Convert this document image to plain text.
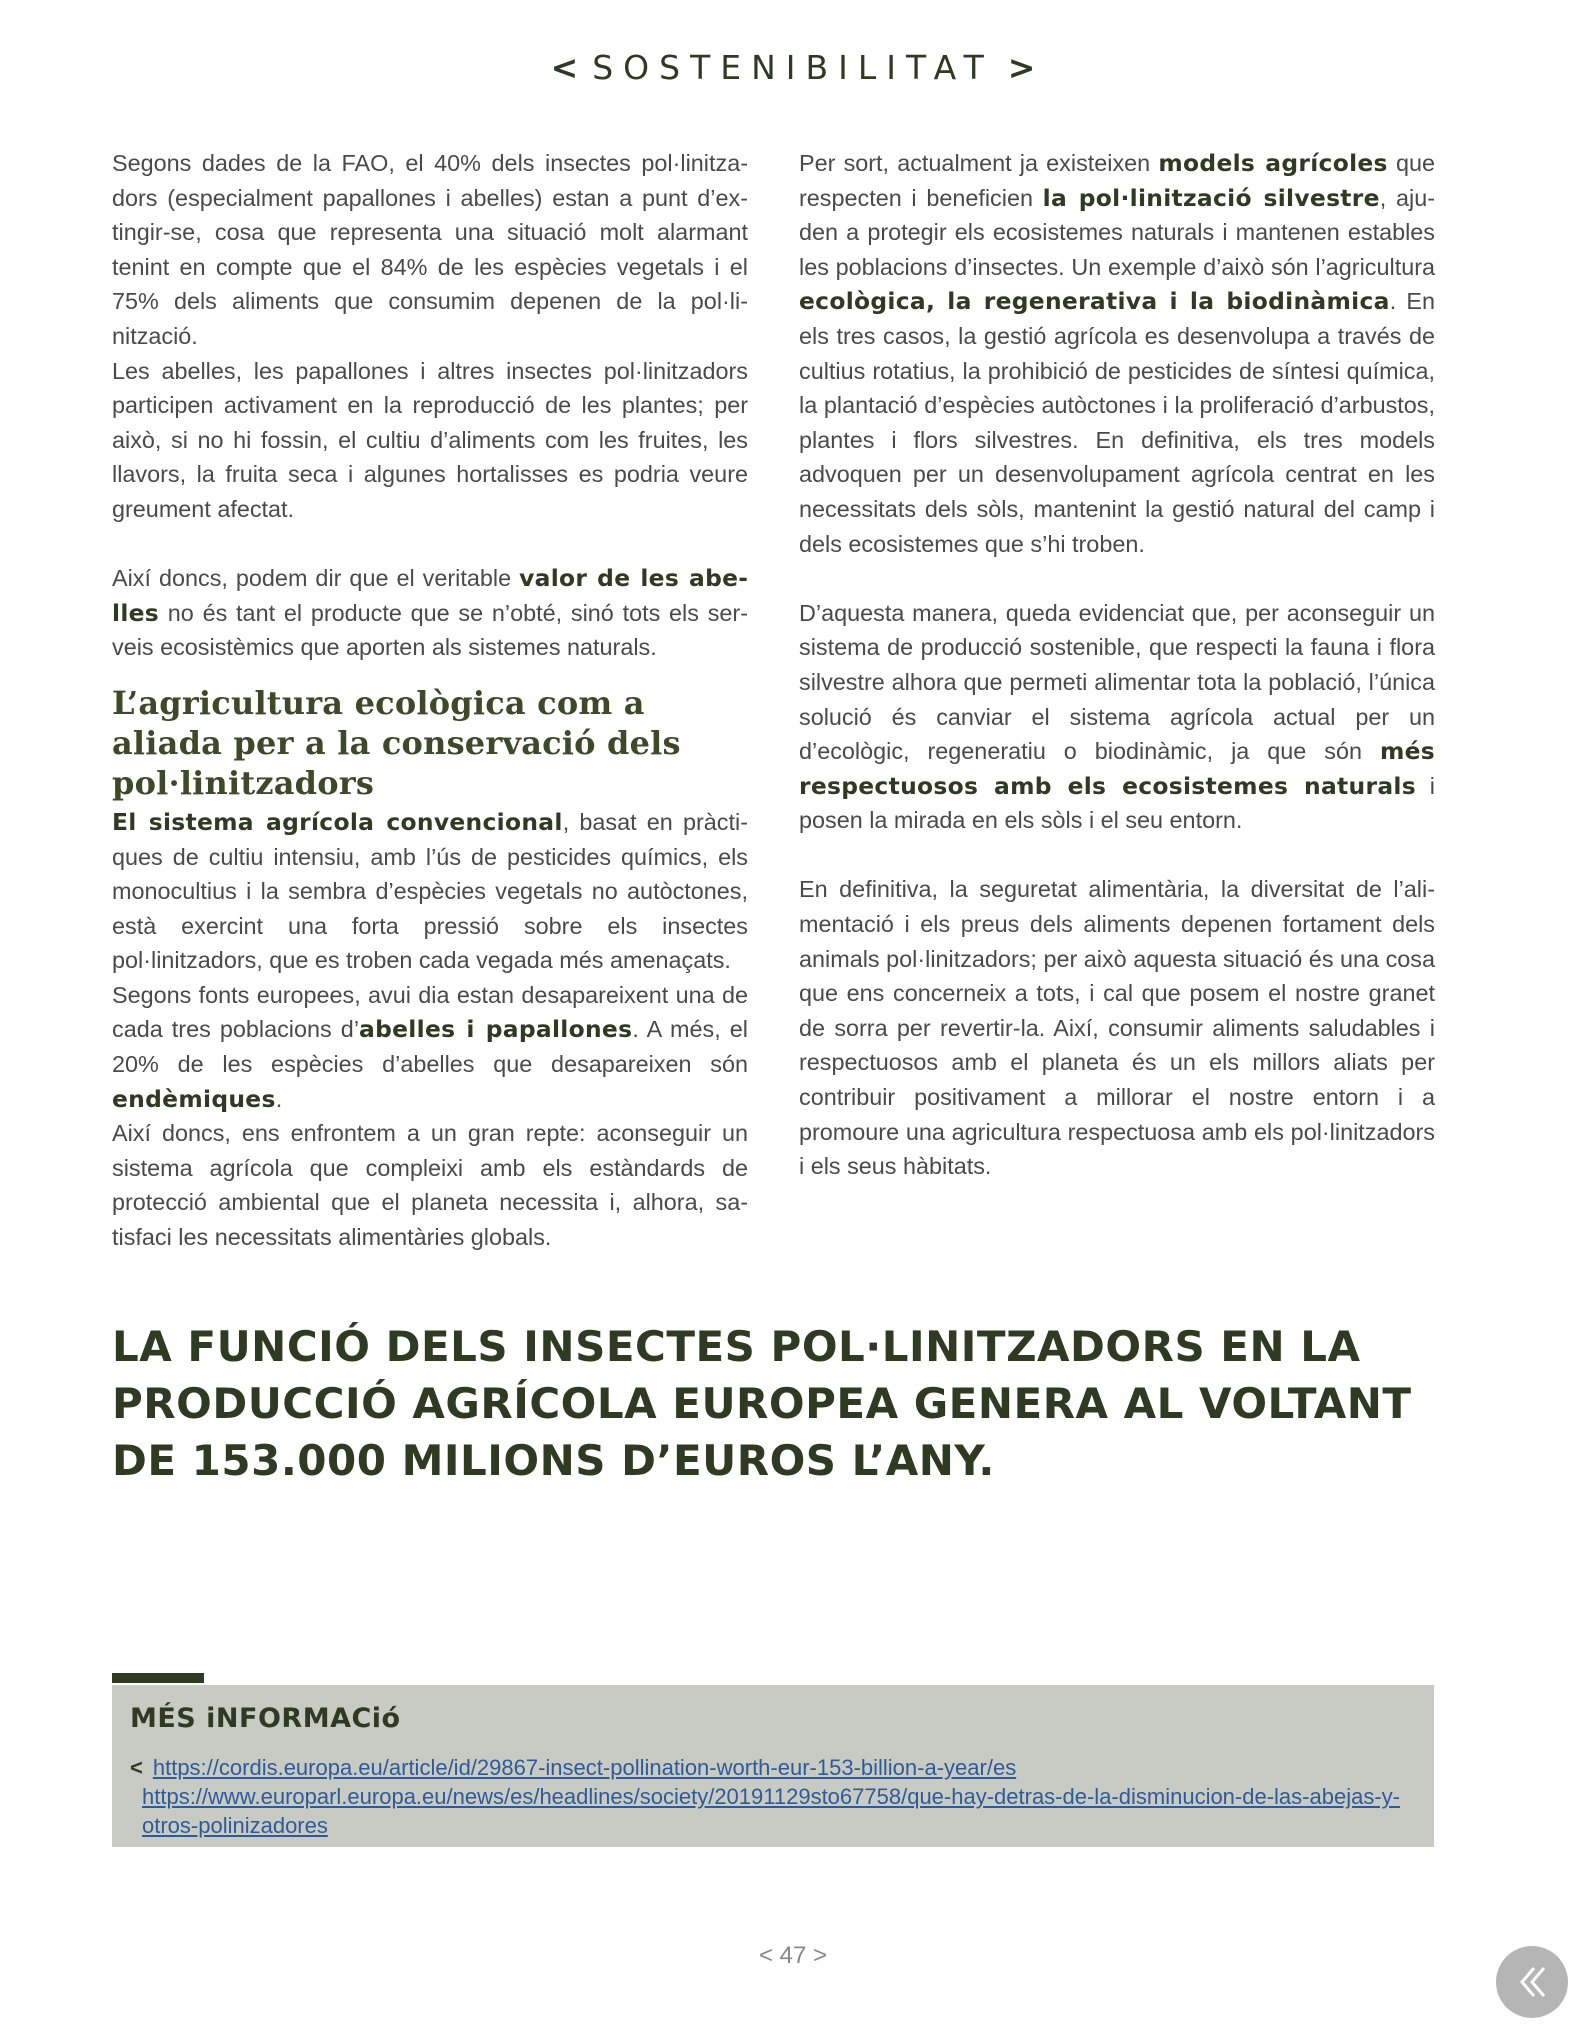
< SOSTENIBILITAT >

Segons dades de la FAO, el 40% dels insectes pol·linitzadors (especialment papallones i abelles) estan a punt d’extingir-se, cosa que representa una situació molt alarmant tenint en compte que el 84% de les espècies vegetals i el 75% dels aliments que consumim depenen de la pol·linització.

Les abelles, les papallones i altres insectes pol·linitzadors participen activament en la reproducció de les plantes; per això, si no hi fossin, el cultiu d’aliments com les fruites, les llavors, la fruita seca i algunes hortalisses es podria veure greument afectat.

Així doncs, podem dir que el veritable valor de les abelles no és tant el producte que se n’obté, sinó tots els serveis ecosistèmics que aporten als sistemes naturals.

L’agricultura ecològica com a aliada per a la conservació dels pol·linitzadors

El sistema agrícola convencional, basat en pràctiques de cultiu intensiu, amb l’ús de pesticides químics, els monocultius i la sembra d’espècies vegetals no autòctones, està exercint una forta pressió sobre els insectes pol·linitzadors, que es troben cada vegada més amenaçats.

Segons fonts europees, avui dia estan desapareixent una de cada tres poblacions d’abelles i papallones. A més, el 20% de les espècies d’abelles que desapareixen són endèmiques.

Així doncs, ens enfrontem a un gran repte: aconseguir un sistema agrícola que compleixi amb els estàndards de protecció ambiental que el planeta necessita i, alhora, satisfaci les necessitats alimentàries globals.

Per sort, actualment ja existeixen models agrícoles que respecten i beneficien la pol·linització silvestre, ajuden a protegir els ecosistemes naturals i mantenen estables les poblacions d’insectes. Un exemple d’això són l’agricultura ecològica, la regenerativa i la biodinàmica. En els tres casos, la gestió agrícola es desenvolupa a través de cultius rotatius, la prohibició de pesticides de síntesi química, la plantació d’espècies autòctones i la proliferació d’arbustos, plantes i flors silvestres. En definitiva, els tres models advoquen per un desenvolupament agrícola centrat en les necessitats dels sòls, mantenint la gestió natural del camp i dels ecosistemes que s’hi troben.

D’aquesta manera, queda evidenciat que, per aconseguir un sistema de producció sostenible, que respecti la fauna i flora silvestre alhora que permeti alimentar tota la població, l’única solució és canviar el sistema agrícola actual per un d’ecològic, regeneratiu o biodinàmic, ja que són més respectuosos amb els ecosistemes naturals i posen la mirada en els sòls i el seu entorn.

En definitiva, la seguretat alimentària, la diversitat de l’alimentació i els preus dels aliments depenen fortament dels animals pol·linitzadors; per això aquesta situació és una cosa que ens concerneix a tots, i cal que posem el nostre granet de sorra per revertir-la. Així, consumir aliments saludables i respectuosos amb el planeta és un els millors aliats per contribuir positivament a millorar el nostre entorn i a promoure una agricultura respectuosa amb els pol·linitzadors i els seus hàbitats.

LA FUNCIÓ DELS INSECTES POL·LINITZADORS EN LA PRODUCCIÓ AGRÍCOLA EUROPEA GENERA AL VOLTANT DE 153.000 MILIONS D’EUROS L’ANY.
MÉS iNFORMACió
< https://cordis.europa.eu/article/id/29867-insect-pollination-worth-eur-153-billion-a-year/es
https://www.europarl.europa.eu/news/es/headlines/society/20191129sto67758/que-hay-detras-de-la-disminucion-de-las-abejas-y-otros-polinizadores
< 47 >
